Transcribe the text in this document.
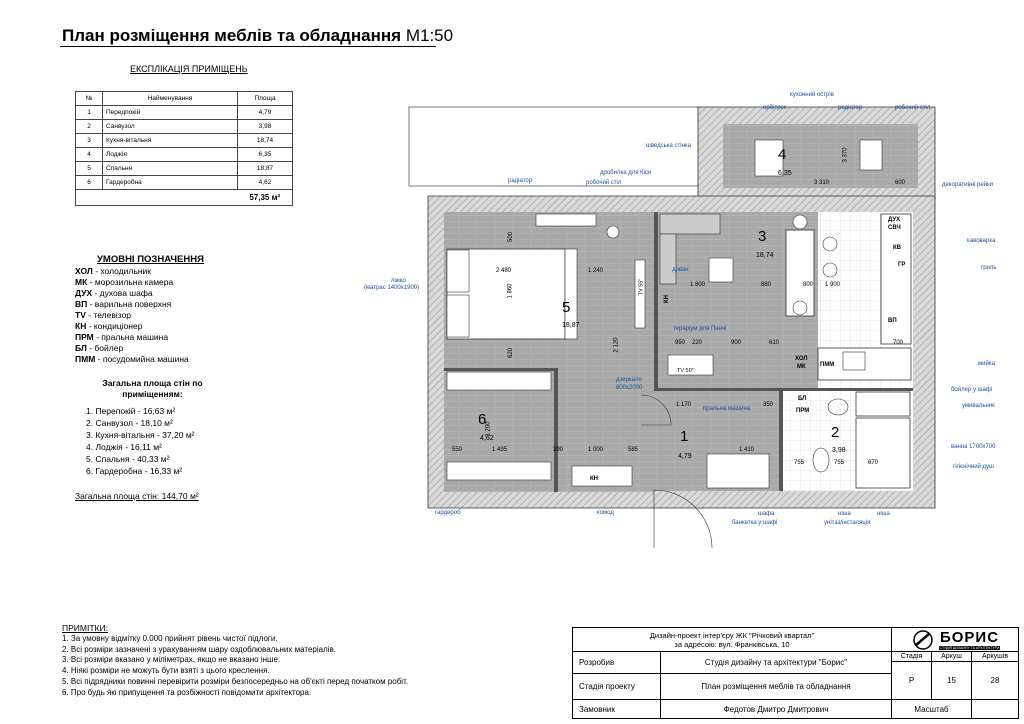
План розміщення меблів та обладнання М1:50
ЕКСПЛІКАЦІЯ ПРИМІЩЕНЬ
№	Найменування	Площа
1	Передпокій	4,79
2	Санвузол	3,98
3	Кухня-вітальня	18,74
4	Лоджія	6,35
5	Спальня	18,87
6	Гардеробна	4,62
		57,35 м²
УМОВНІ ПОЗНАЧЕННЯ
ХОЛ - холодильник
МК - морозильна камера
ДУХ - духова шафа
ВП - варильна поверхня
TV - телевізор
КН - кондиціонер
ПРМ - пральна машина
БЛ - бойлер
ПММ - посудомийна машина
Загальна площа стін по приміщенням:
1. Перепокій - 16,63 м²
2. Санвузол - 18,10 м²
3. Кухня-вітальня - 37,20 м²
4. Лоджія - 16,11 м²
5. Спальня - 40,33 м²
6. Гардеробна - 16,33 м²
Загальна площа стін: 144,70 м²
ПРИМІТКИ:
1. За умовну відмітку 0.000 прийнят рівень чистої підлоги.
2. Всі розміри зазначені з урахуванням шару оздоблювальних матеріалів.
3. Всі розміри вказано у міліметрах, якщо не вказано інше.
4. Ніякі розміри не можуть бути взяті з цього креслення.
5. Всі підрядники повинні перевірити розміри безпосередньо на об'єкті перед початком робіт.
6. Про будь які припущення та розбіжності повідомити архітектора.
4
6,35
3
18,74
5
18,87
6
4,62	1
4,79
2
3,98
ДУХ
СВЧ
КВ
ГР
ВП
ХОЛ
МК ПММ
БЛ
ПРМ
TV 55"
TV 50"
КН
КН
2 480	1 240
1 860
500
620
2 120
1 800	880	1 900
800
700
950 220	900	610
3 310
3 370
600
1 495	390	1 000	585
1 170
1 410
755	755	670
350
1 200
550
кухонний острів
орбітрек	радіатор	робочий стіл
шведська стінка
дробилка для Кіси
робочий стіл
радіатор
декоративні рейки
кавоварка
гриль
мийка
бойлер у шафі
умивальник
ванна 1700х700
гігієнічний душ
ліжко
(матрас 1400х1900)
диван
тераріум для Панчі
дзеркало
800х2000
пральна машина
гардероб	комод	шафа
банкетка у шафі	унітаз/інсталяція
ніша	ніша
Дизайн-проект інтер'єру ЖК "Річковий квартал"
за адресою: вул. Франківська, 10	БОРИС
СТУДІЯ ДИЗАЙНУ ТА АРХІТЕКТУРИ
Розробив	Студія дизайну та архітектури "Борис"
Стадія	Аркуш	Аркушів
Стадія проекту	План розміщення меблів та обладнання
Р	15	28
Замовник	Федотов Дмитро Дмитрович	Масштаб
